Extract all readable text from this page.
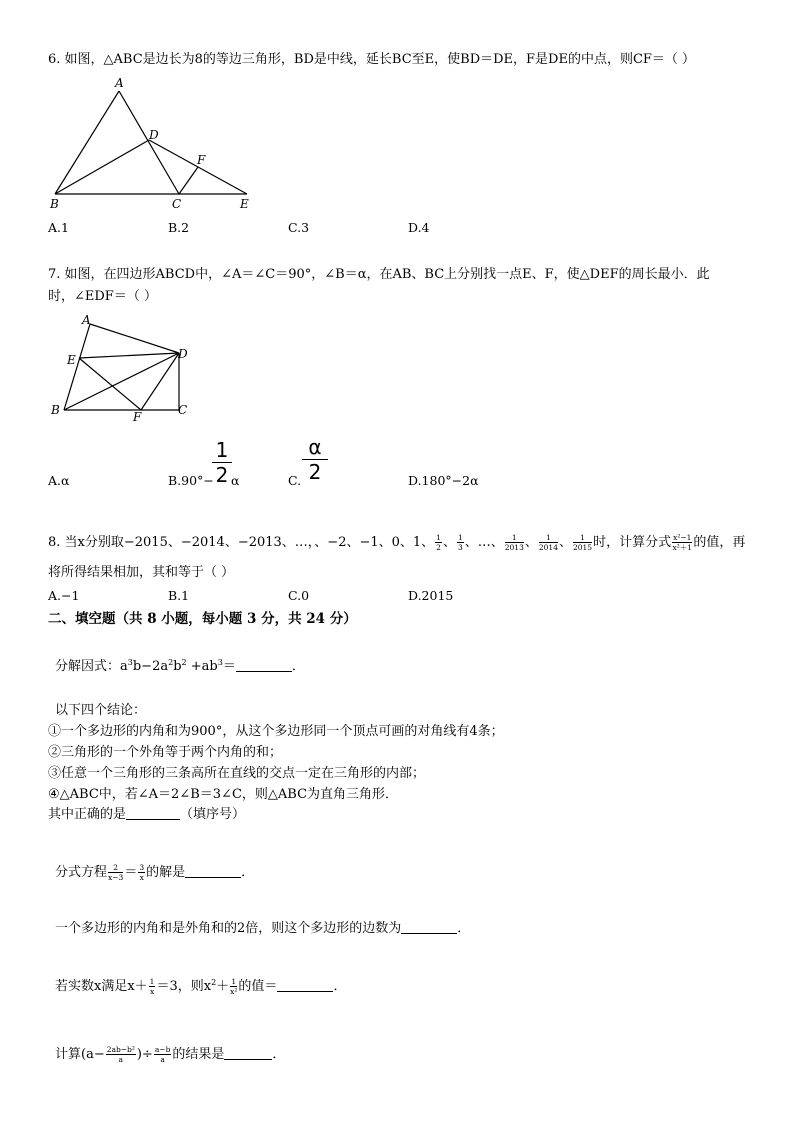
6. 如图，△ABC是边长为8的等边三角形，BD是中线，延长BC至E，使BD＝DE，F是DE的中点，则CF＝（ ）
A
B	C
D
E
F
A.1	B.2	C.3	D.4
7. 如图，在四边形ABCD中，∠A＝∠C＝90°，∠B＝α，在AB、BC上分别找一点E、F，使△DEF的周长最小．此
时，∠EDF＝（ ）
A
B	C
D
E
F
A.α	B.90°−
1
2 α	C.
α
2	D.180°−2α
8. 当x分别取−2015、−2014、−2013、…，、−2、−1、0、1、 $\frac{1}{2}$ 、 $\frac{1}{3}$ 、…、 $\frac{1}{2013}$ 、 $\frac{1}{2014}$ 、 $\frac{1}{2015}$ 时，计算分式 $\frac{\text{x²−1}}{\text{x²＋1}}$ 的值，再
将所得结果相加，其和等于（ ）
A.−1	B.1	C.0	D.2015
二、填空题（共 8 小题，每小题 3 分，共 24 分）
分解因式：$a^3b-2a^2b^2 +ab^3=$	．
以下四个结论：
①一个多边形的内角和为900°，从这个多边形同一个顶点可画的对角线有4条；
②三角形的一个外角等于两个内角的和；
③任意一个三角形的三条高所在直线的交点一定在三角形的内部；
④△ABC中，若∠A＝2∠B＝3∠C，则△ABC为直角三角形．
其中正确的是	（填序号）
分式方程 $\frac{2}{x-3} = \frac{3}{x}$ 的解是	．
一个多边形的内角和是外角和的2倍，则这个多边形的边数为	．
若实数x满足$x+ \frac{1}{x} =3$，则$x^2+ \frac{1}{\text{x²}}$ 的值＝	．
计算($a- \frac{\text{2ab−b²}}{a}$ )÷ $\frac{a-b}{a}$ 的结果是	．
